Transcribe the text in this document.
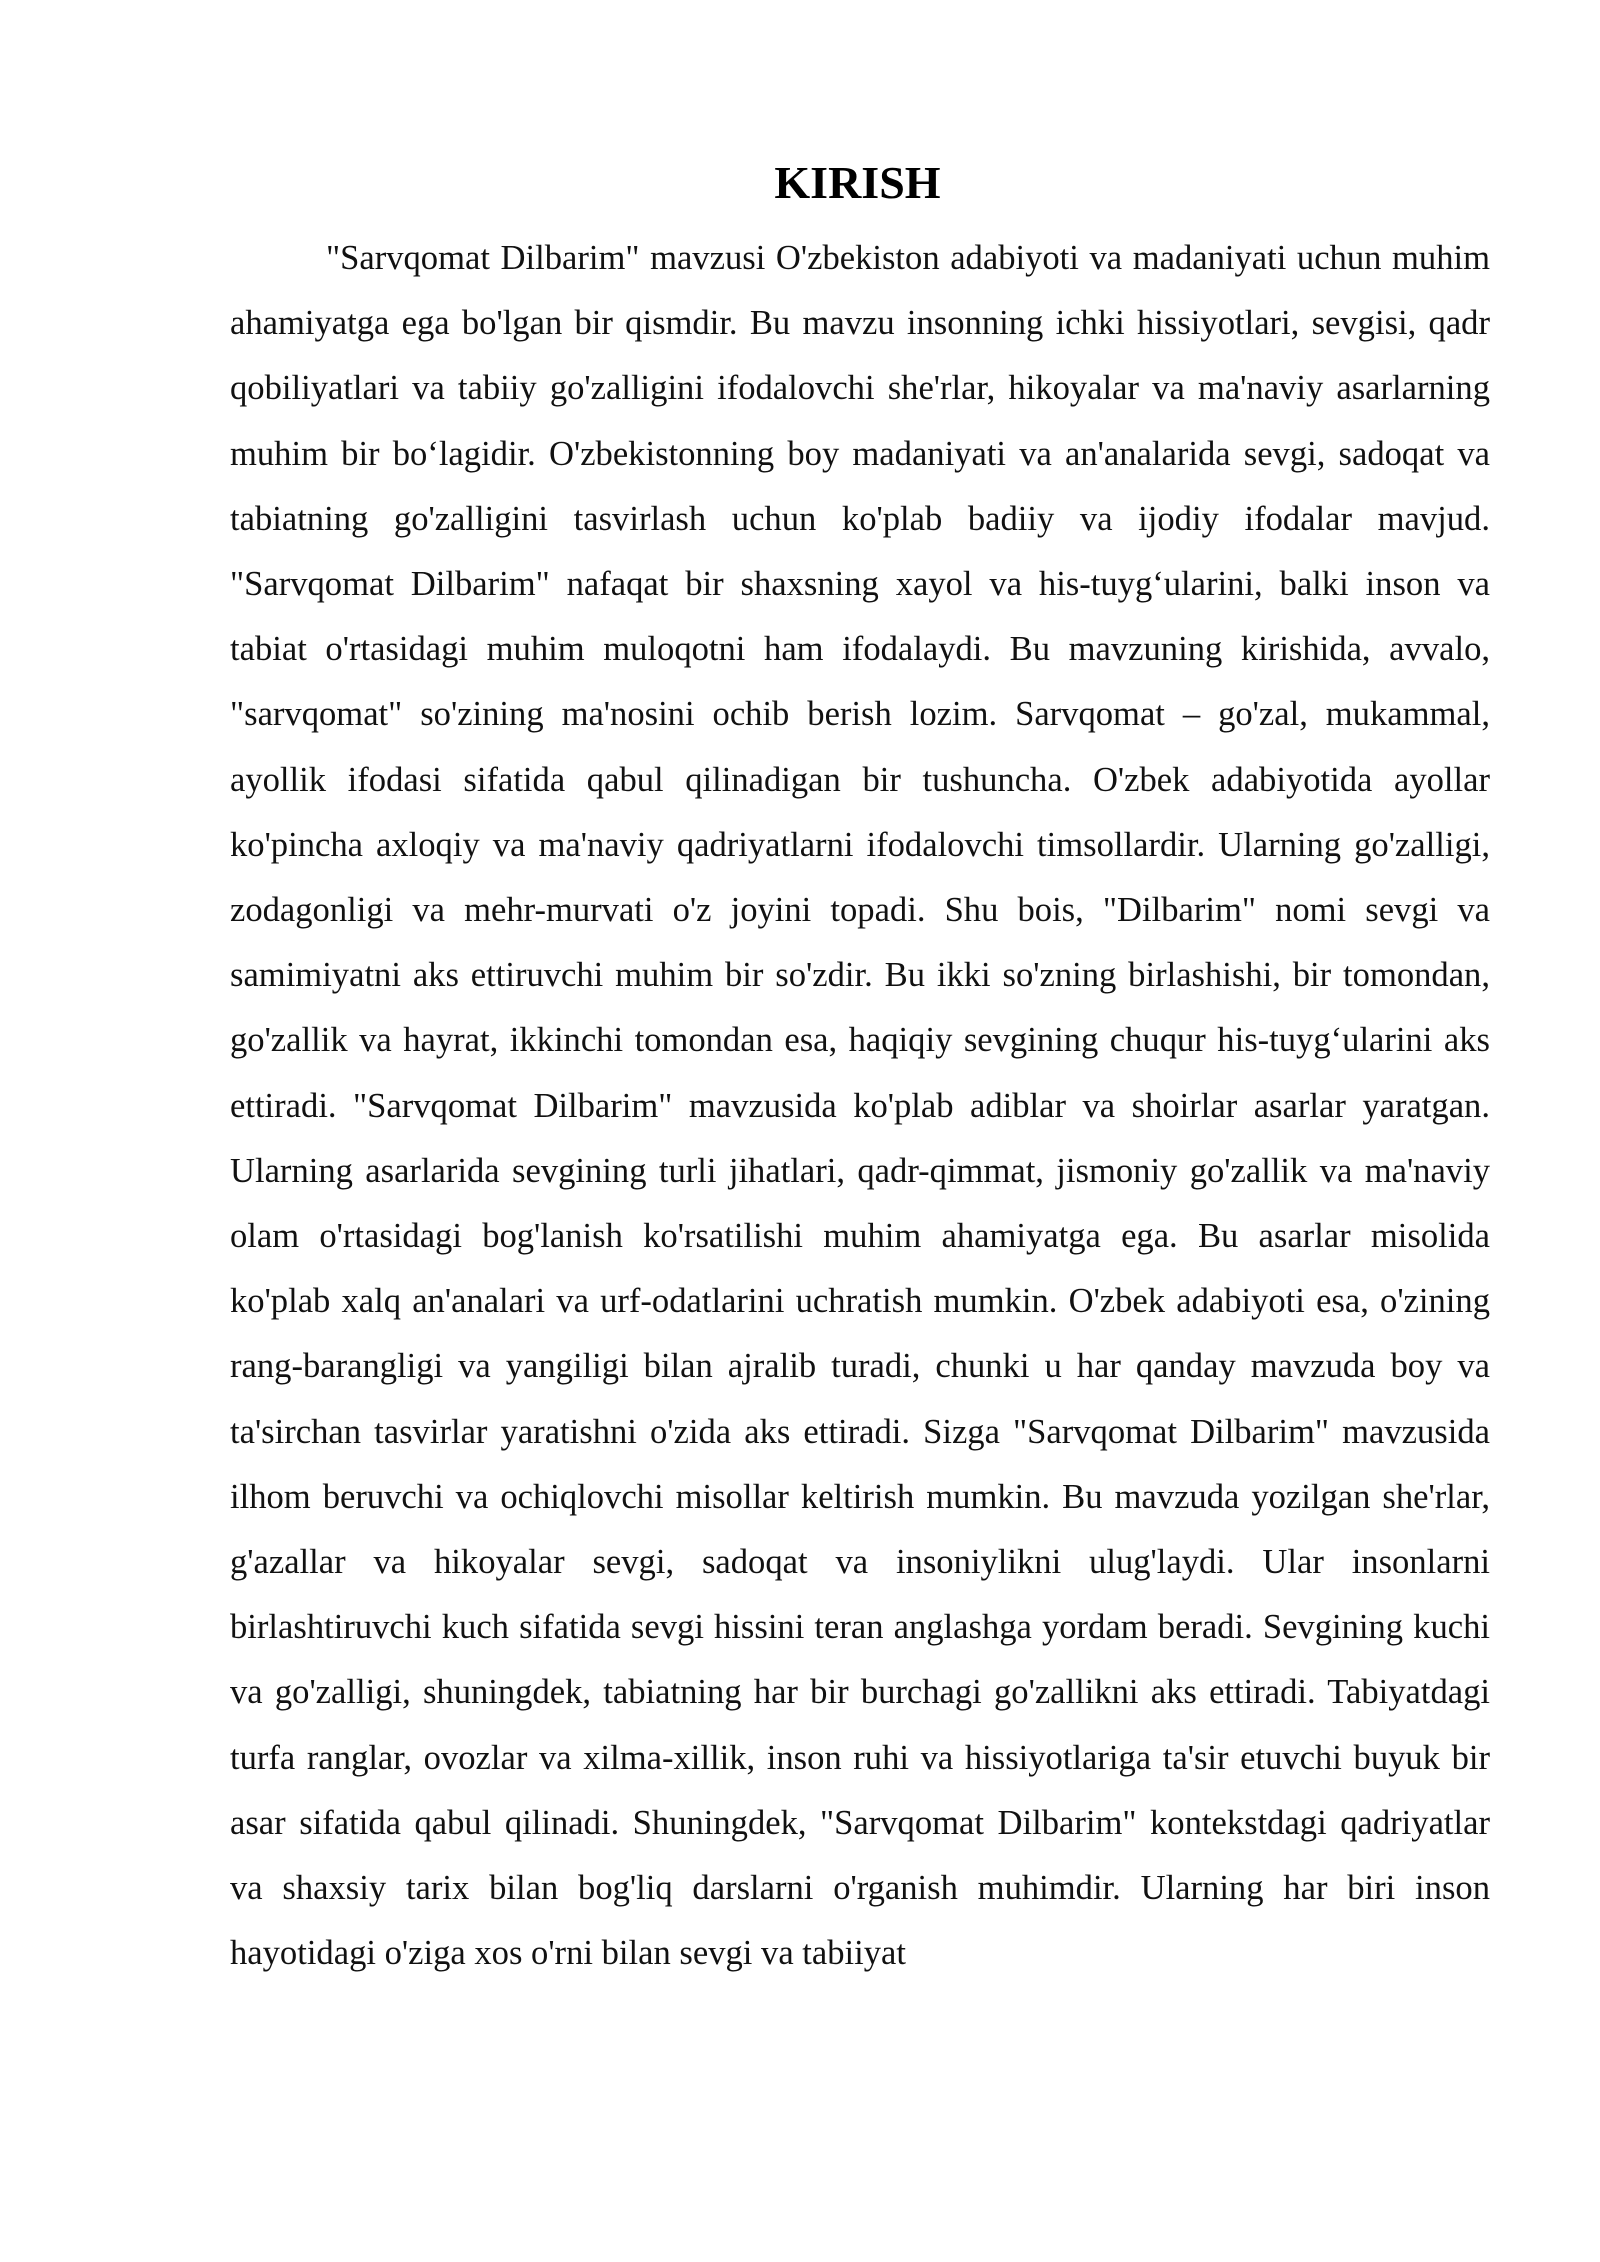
KIRISH

"Sarvqomat Dilbarim" mavzusi O'zbekiston adabiyoti va madaniyati uchun muhim ahamiyatga ega bo'lgan bir qismdir. Bu mavzu insonning ichki hissiyotlari, sevgisi, qadr qobiliyatlari va tabiiy go'zalligini ifodalovchi she'rlar, hikoyalar va ma'naviy asarlarning muhim bir bo‘lagidir. O'zbekistonning boy madaniyati va an'analarida sevgi, sadoqat va tabiatning go'zalligini tasvirlash uchun ko'plab badiiy va ijodiy ifodalar mavjud. "Sarvqomat Dilbarim" nafaqat bir shaxsning xayol va his-tuyg‘ularini, balki inson va tabiat o'rtasidagi muhim muloqotni ham ifodalaydi. Bu mavzuning kirishida, avvalo, "sarvqomat" so'zining ma'nosini ochib berish lozim. Sarvqomat – go'zal, mukammal, ayollik ifodasi sifatida qabul qilinadigan bir tushuncha. O'zbek adabiyotida ayollar ko'pincha axloqiy va ma'naviy qadriyatlarni ifodalovchi timsollardir. Ularning go'zalligi, zodagonligi va mehr-murvati o'z joyini topadi. Shu bois, "Dilbarim" nomi sevgi va samimiyatni aks ettiruvchi muhim bir so'zdir. Bu ikki so'zning birlashishi, bir tomondan, go'zallik va hayrat, ikkinchi tomondan esa, haqiqiy sevgining chuqur his-tuyg‘ularini aks ettiradi. "Sarvqomat Dilbarim" mavzusida ko'plab adiblar va shoirlar asarlar yaratgan. Ularning asarlarida sevgining turli jihatlari, qadr-qimmat, jismoniy go'zallik va ma'naviy olam o'rtasidagi bog'lanish ko'rsatilishi muhim ahamiyatga ega. Bu asarlar misolida ko'plab xalq an'analari va urf-odatlarini uchratish mumkin. O'zbek adabiyoti esa, o'zining rang-barangligi va yangiligi bilan ajralib turadi, chunki u har qanday mavzuda boy va ta'sirchan tasvirlar yaratishni o'zida aks ettiradi. Sizga "Sarvqomat Dilbarim" mavzusida ilhom beruvchi va ochiqlovchi misollar keltirish mumkin. Bu mavzuda yozilgan she'rlar, g'azallar va hikoyalar sevgi, sadoqat va insoniylikni ulug'laydi. Ular insonlarni birlashtiruvchi kuch sifatida sevgi hissini teran anglashga yordam beradi. Sevgining kuchi va go'zalligi, shuningdek, tabiatning har bir burchagi go'zallikni aks ettiradi. Tabiyatdagi turfa ranglar, ovozlar va xilma-xillik, inson ruhi va hissiyotlariga ta'sir etuvchi buyuk bir asar sifatida qabul qilinadi. Shuningdek, "Sarvqomat Dilbarim" kontekstdagi qadriyatlar va shaxsiy tarix bilan bog'liq darslarni o'rganish muhimdir. Ularning har biri inson hayotidagi o'ziga xos o'rni bilan sevgi va tabiiyat
